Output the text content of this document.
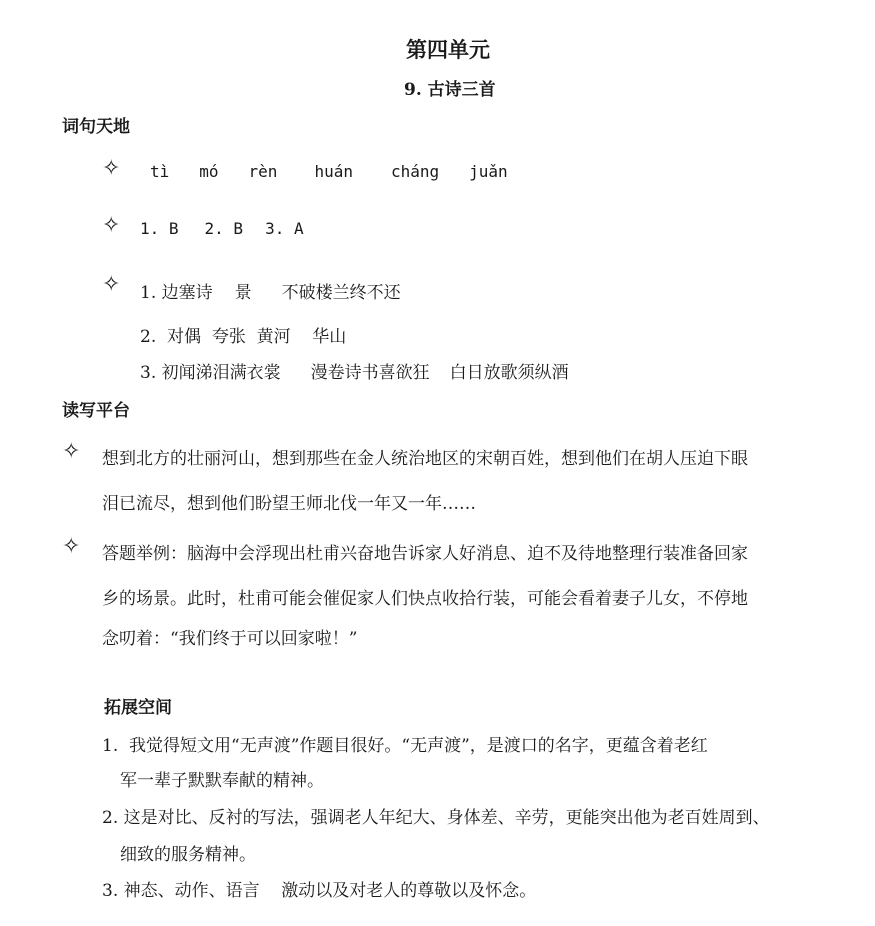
第四单元
9. 古诗三首
词句天地
✧ tì mó rèn huán cháng juǎn
✧ 1. B 2. B 3. A
✧ 1. 边塞诗 景 不破楼兰终不还
2.  对偶  夸张  黄河    华山
3. 初闻涕泪满衣裳 漫卷诗书喜欲狂 白日放歌须纵酒
读写平台
✧ 想到北方的壮丽河山，想到那些在金人统治地区的宋朝百姓，想到他们在胡人压迫下眼
泪已流尽，想到他们盼望王师北伐一年又一年……
✧ 答题举例：脑海中会浮现出杜甫兴奋地告诉家人好消息、迫不及待地整理行装准备回家
乡的场景。此时，杜甫可能会催促家人们快点收拾行装，可能会看着妻子儿女，不停地
念叨着：“我们终于可以回家啦！”
拓展空间
1.  我觉得短文用“无声渡”作题目很好。“无声渡”，是渡口的名字，更蕴含着老红
军一辈子默默奉献的精神。
2. 这是对比、反衬的写法，强调老人年纪大、身体差、辛劳，更能突出他为老百姓周到、
细致的服务精神。
3. 神态、动作、语言    激动以及对老人的尊敬以及怀念。
